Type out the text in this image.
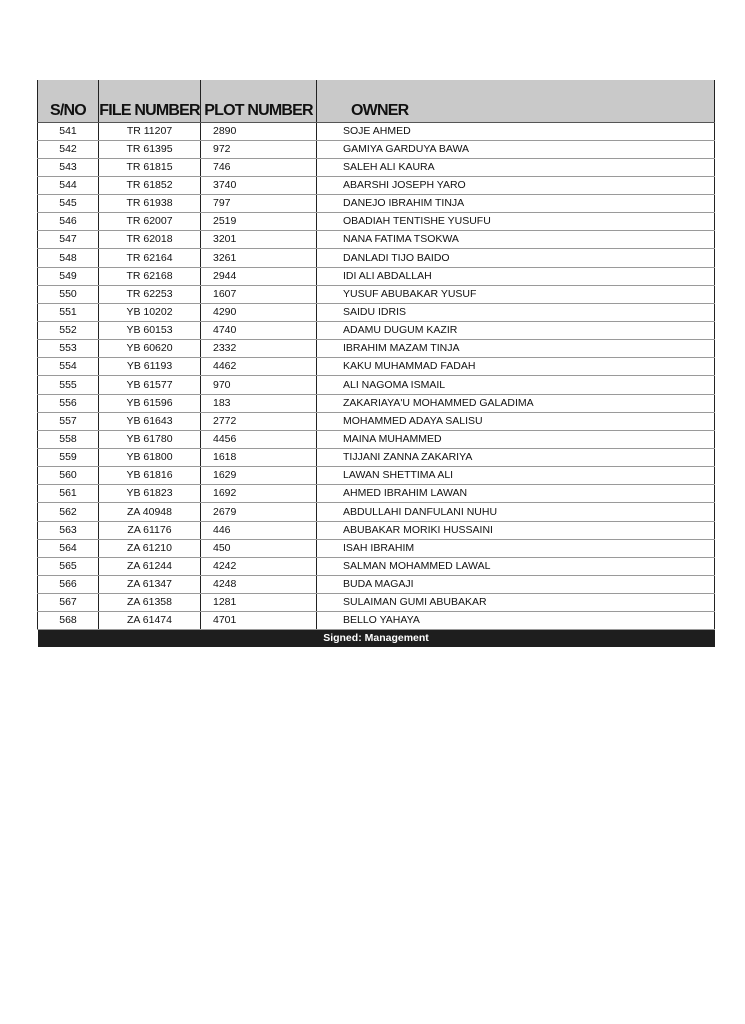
S/NO	FILE NUMBER	PLOT NUMBER	OWNER
541	TR 11207	2890	SOJE AHMED
542	TR 61395	972	GAMIYA GARDUYA BAWA
543	TR 61815	746	SALEH ALI KAURA
544	TR 61852	3740	ABARSHI JOSEPH YARO
545	TR 61938	797	DANEJO IBRAHIM TINJA
546	TR 62007	2519	OBADIAH TENTISHE YUSUFU
547	TR 62018	3201	NANA FATIMA TSOKWA
548	TR 62164	3261	DANLADI TIJO BAIDO
549	TR 62168	2944	IDI ALI ABDALLAH
550	TR 62253	1607	YUSUF ABUBAKAR YUSUF
551	YB 10202	4290	SAIDU IDRIS
552	YB 60153	4740	ADAMU DUGUM KAZIR
553	YB 60620	2332	IBRAHIM MAZAM TINJA
554	YB 61193	4462	KAKU MUHAMMAD FADAH
555	YB 61577	970	ALI NAGOMA ISMAIL
556	YB 61596	183	ZAKARIAYA'U MOHAMMED GALADIMA
557	YB 61643	2772	MOHAMMED ADAYA SALISU
558	YB 61780	4456	MAINA MUHAMMED
559	YB 61800	1618	TIJJANI ZANNA ZAKARIYA
560	YB 61816	1629	LAWAN SHETTIMA ALI
561	YB 61823	1692	AHMED IBRAHIM LAWAN
562	ZA 40948	2679	ABDULLAHI DANFULANI NUHU
563	ZA 61176	446	ABUBAKAR MORIKI HUSSAINI
564	ZA 61210	450	ISAH IBRAHIM
565	ZA 61244	4242	SALMAN MOHAMMED LAWAL
566	ZA 61347	4248	BUDA MAGAJI
567	ZA 61358	1281	SULAIMAN GUMI ABUBAKAR
568	ZA 61474	4701	BELLO YAHAYA
Signed: Management			
